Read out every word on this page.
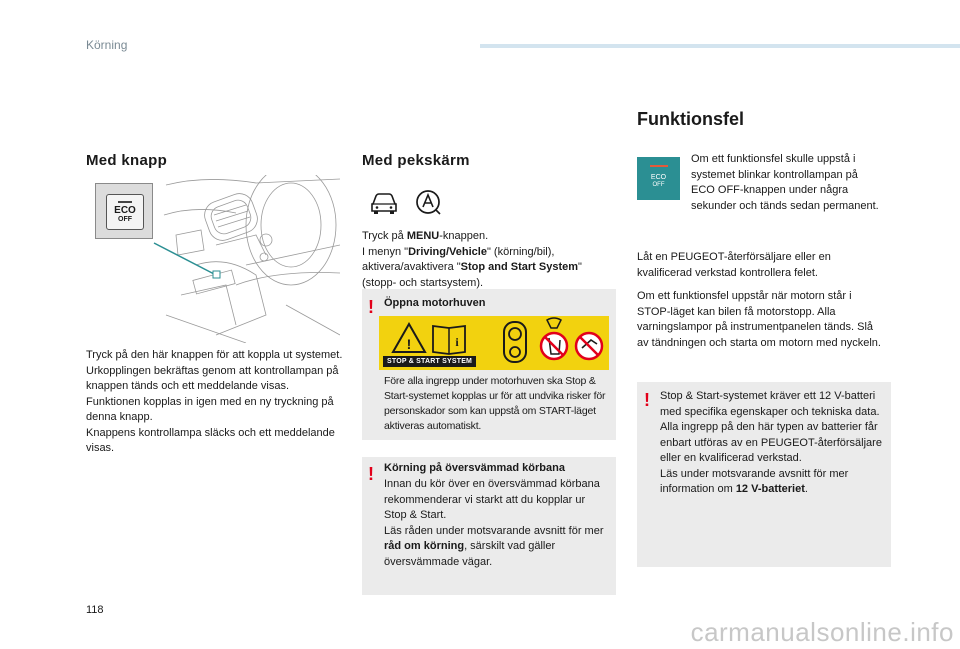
Körning
Med knapp
ECO
OFF

Tryck på den här knappen för att koppla ut systemet.

Urkopplingen bekräftas genom att kontrollampan på knappen tänds och ett meddelande visas.

Funktionen kopplas in igen med en ny tryckning på denna knapp.

Knappens kontrollampa släcks och ett meddelande visas.

Med pekskärm

Tryck på MENU-knappen.

I menyn "Driving/Vehicle" (körning/bil), aktivera/avaktivera "Stop and Start System" (stopp- och startsystem).

! Öppna motorhuven
!	i
STOP & START SYSTEM
Före alla ingrepp under motorhuven ska Stop & Start-systemet kopplas ur för att undvika risker för personskador som kan uppstå om START-läget aktiveras automatiskt.
! Körning på översvämmad körbana

Innan du kör över en översvämmad körbana rekommenderar vi starkt att du kopplar ur Stop & Start.

Läs råden under motsvarande avsnitt för mer råd om körning, särskilt vad gäller översvämmade vägar.

Funktionsfel
ECO
OFF
Om ett funktionsfel skulle uppstå i systemet blinkar kontrollampan på ECO OFF-knappen under några sekunder och tänds sedan permanent.
Låt en PEUGEOT-återförsäljare eller en kvalificerad verkstad kontrollera felet.
Om ett funktionsfel uppstår när motorn står i STOP-läget kan bilen få motorstopp. Alla varningslampor på instrumentpanelen tänds. Slå av tändningen och starta om motorn med nyckeln.
! Stop & Start-systemet kräver ett 12 V-batteri med specifika egenskaper och tekniska data.

Alla ingrepp på den här typen av batterier får enbart utföras av en PEUGEOT-återförsäljare eller en kvalificerad verkstad.

Läs under motsvarande avsnitt för mer information om 12 V-batteriet.

118
carmanualsonline.info
